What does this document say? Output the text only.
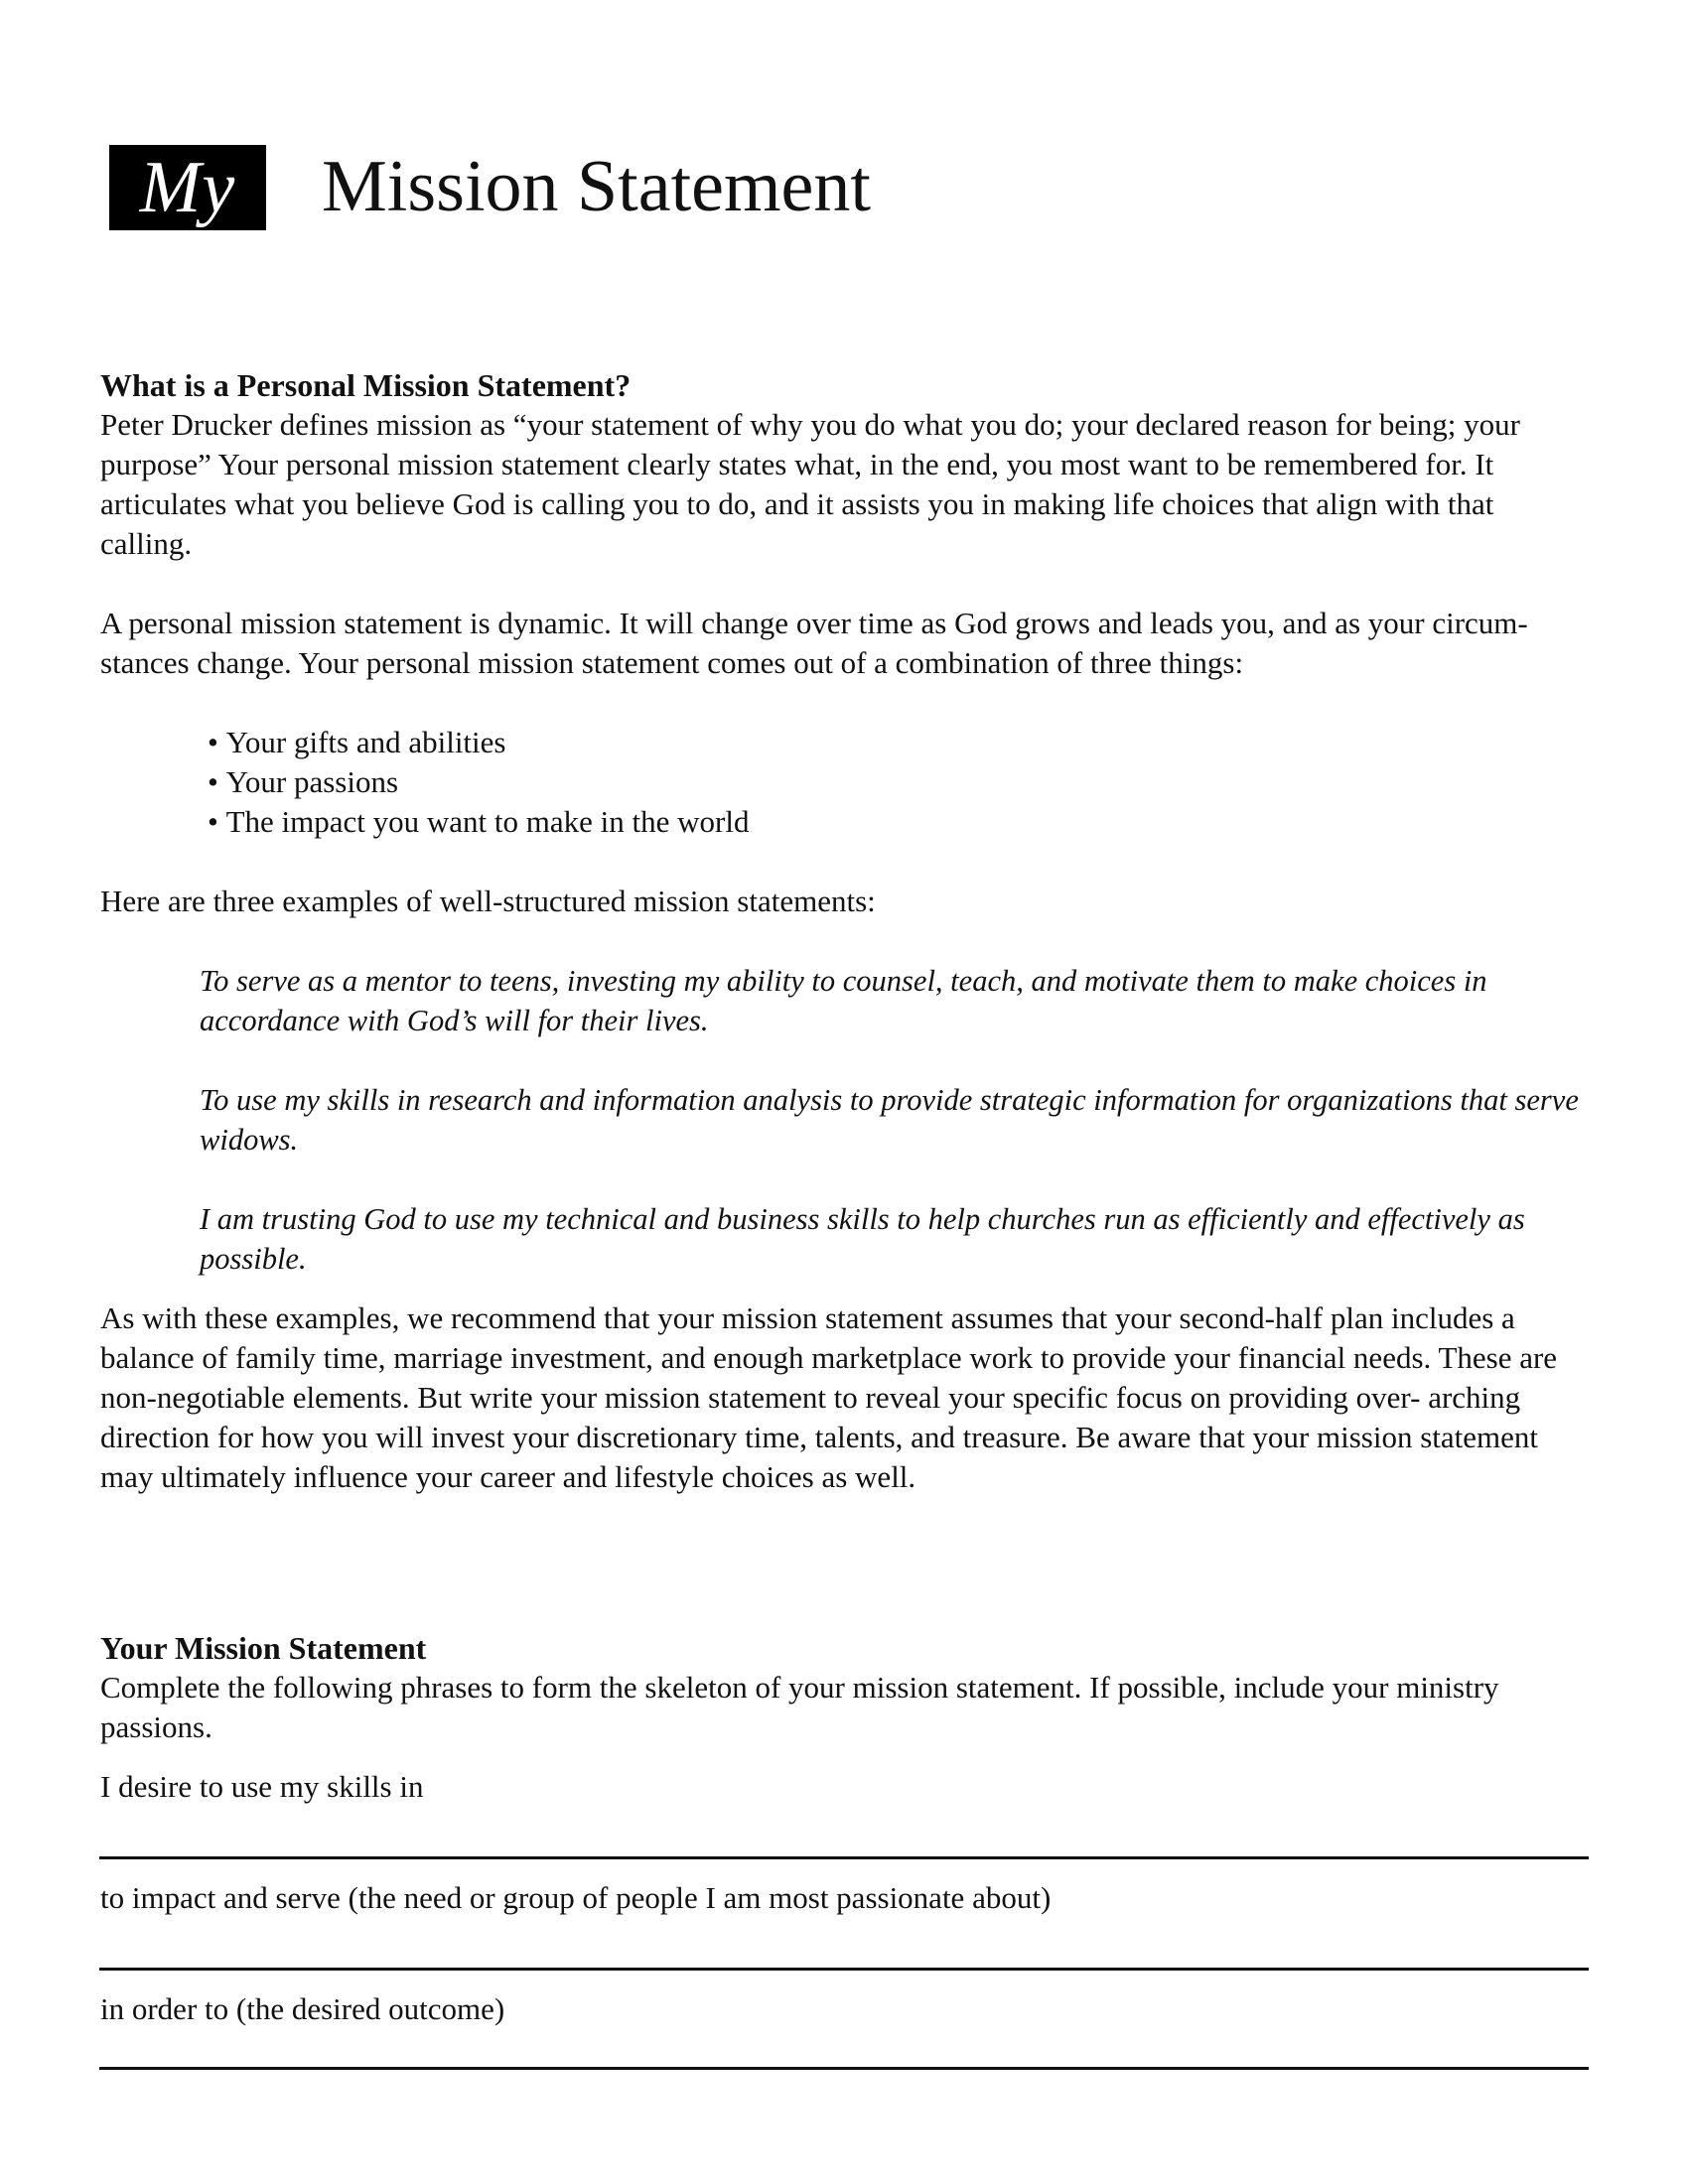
My	Mission Statement
What is a Personal Mission Statement?

Peter Drucker defines mission as “your statement of why you do what you do; your declared reason for being; your purpose” Your personal mission statement clearly states what, in the end, you most want to be remembered for. It articulates what you believe God is calling you to do, and it assists you in making life choices that align with that calling.

A personal mission statement is dynamic. It will change over time as God grows and leads you, and as your circum- stances change. Your personal mission statement comes out of a combination of three things:

• Your gifts and abilities
• Your passions
• The impact you want to make in the world

Here are three examples of well-structured mission statements:

To serve as a mentor to teens, investing my ability to counsel, teach, and motivate them to make choices in accordance with God’s will for their lives.

To use my skills in research and information analysis to provide strategic information for organizations that serve widows.

I am trusting God to use my technical and business skills to help churches run as efficiently and effectively as possible.

As with these examples, we recommend that your mission statement assumes that your second-half plan includes a balance of family time, marriage investment, and enough marketplace work to provide your financial needs. These are non-negotiable elements. But write your mission statement to reveal your specific focus on providing over- arching direction for how you will invest your discretionary time, talents, and treasure. Be aware that your mission statement may ultimately influence your career and lifestyle choices as well.

Your Mission Statement

Complete the following phrases to form the skeleton of your mission statement. If possible, include your ministry passions.

I desire to use my skills in
to impact and serve (the need or group of people I am most passionate about)
in order to (the desired outcome)
